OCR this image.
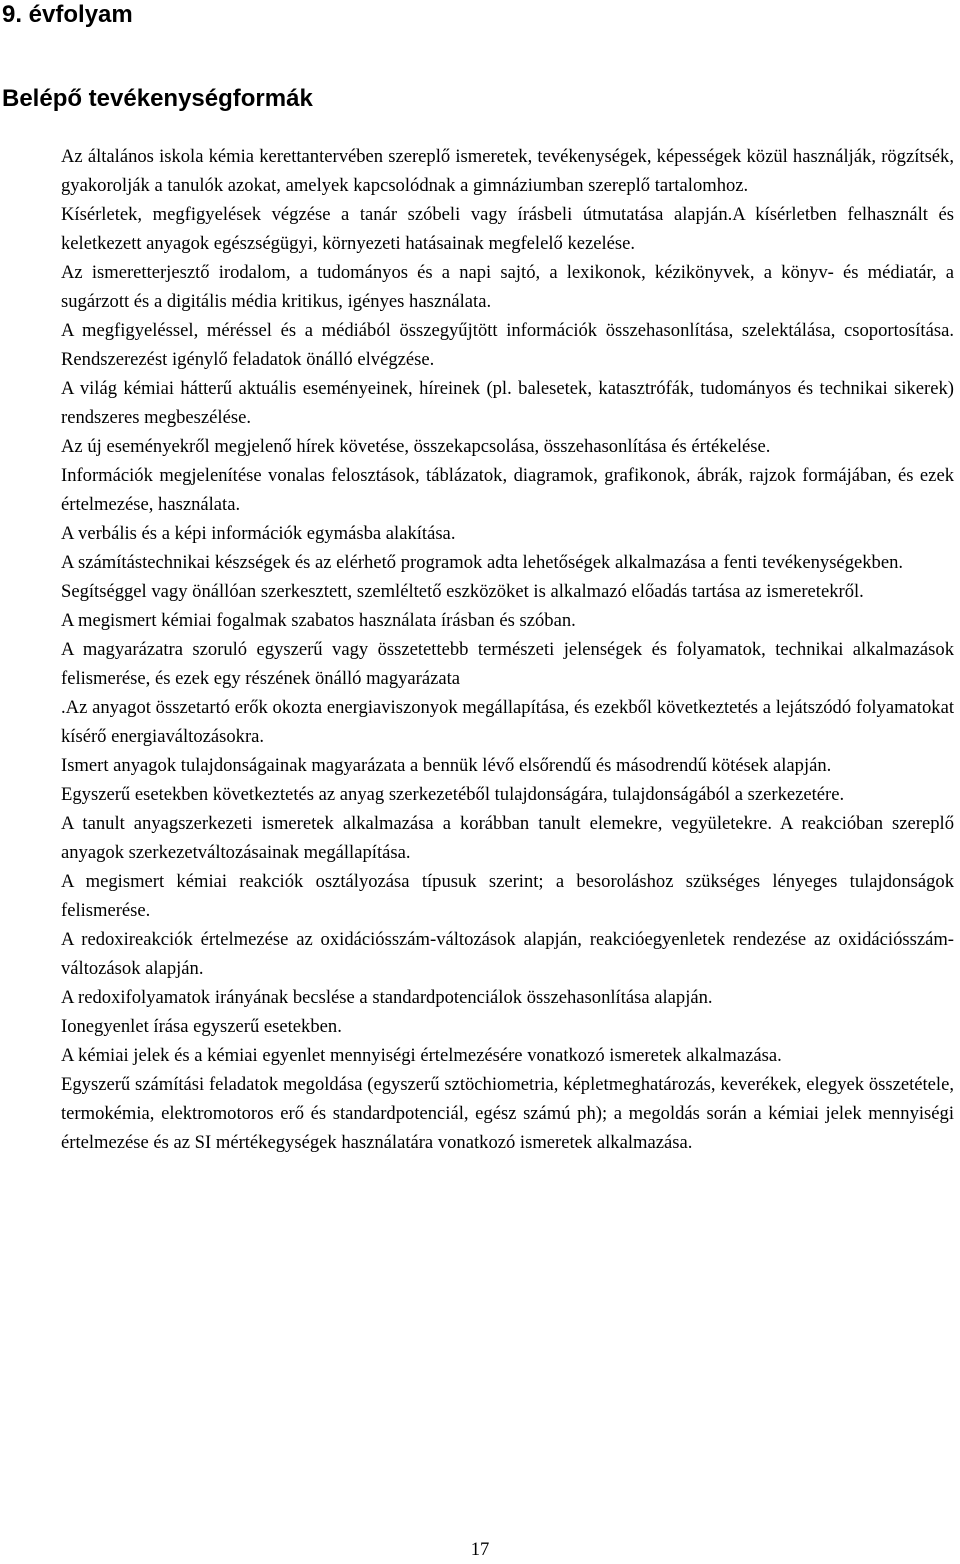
9. évfolyam
Belépő tevékenységformák

Az általános iskola kémia kerettantervében szereplő ismeretek, tevékenységek, képességek közül használják, rögzítsék, gyakorolják a tanulók azokat, amelyek kapcsolódnak a gimnáziumban szereplő tartalomhoz.

Kísérletek, megfigyelések végzése a tanár szóbeli vagy írásbeli útmutatása alapján.A kísérletben felhasznált és keletkezett anyagok egészségügyi, környezeti hatásainak megfelelő kezelése.

Az ismeretterjesztő irodalom, a tudományos és a napi sajtó, a lexikonok, kézikönyvek, a könyv- és médiatár, a sugárzott és a digitális média kritikus, igényes használata.

A megfigyeléssel, méréssel és a médiából összegyűjtött információk összehasonlítása, szelektálása, csoportosítása. Rendszerezést igénylő feladatok önálló elvégzése.

A világ kémiai hátterű aktuális eseményeinek, híreinek (pl. balesetek, katasztrófák, tudományos és technikai sikerek) rendszeres megbeszélése.

Az új eseményekről megjelenő hírek követése, összekapcsolása, összehasonlítása és értékelése.

Információk megjelenítése vonalas felosztások, táblázatok, diagramok, grafikonok, ábrák, rajzok formájában, és ezek értelmezése, használata.

A verbális és a képi információk egymásba alakítása.

A számítástechnikai készségek és az elérhető programok adta lehetőségek alkalmazása a fenti tevékenységekben.

Segítséggel vagy önállóan szerkesztett, szemléltető eszközöket is alkalmazó előadás tartása az ismeretekről.

A megismert kémiai fogalmak szabatos használata írásban és szóban.

A magyarázatra szoruló egyszerű vagy összetettebb természeti jelenségek és folyamatok, technikai alkalmazások felismerése, és ezek egy részének önálló magyarázata

.Az anyagot összetartó erők okozta energiaviszonyok megállapítása, és ezekből következtetés a lejátszódó folyamatokat kísérő energiaváltozásokra.

Ismert anyagok tulajdonságainak magyarázata a bennük lévő elsőrendű és másodrendű kötések alapján.

Egyszerű esetekben következtetés az anyag szerkezetéből tulajdonságára, tulajdonságából a szerkezetére.

A tanult anyagszerkezeti ismeretek alkalmazása a korábban tanult elemekre, vegyületekre. A reakcióban szereplő anyagok szerkezetváltozásainak megállapítása.

A megismert kémiai reakciók osztályozása típusuk szerint; a besoroláshoz szükséges lényeges tulajdonságok felismerése.

A redoxireakciók értelmezése az oxidációsszám-változások alapján, reakcióegyenletek rendezése az oxidációsszám-változások alapján.

A redoxifolyamatok irányának becslése a standardpotenciálok összehasonlítása alapján.

Ionegyenlet írása egyszerű esetekben.

A kémiai jelek és a kémiai egyenlet mennyiségi értelmezésére vonatkozó ismeretek alkalmazása.

Egyszerű számítási feladatok megoldása (egyszerű sztöchiometria, képletmeghatározás, keverékek, elegyek összetétele, termokémia, elektromotoros erő és standardpotenciál, egész számú ph); a megoldás során a kémiai jelek mennyiségi értelmezése és az SI mértékegységek használatára vonatkozó ismeretek alkalmazása.

17
